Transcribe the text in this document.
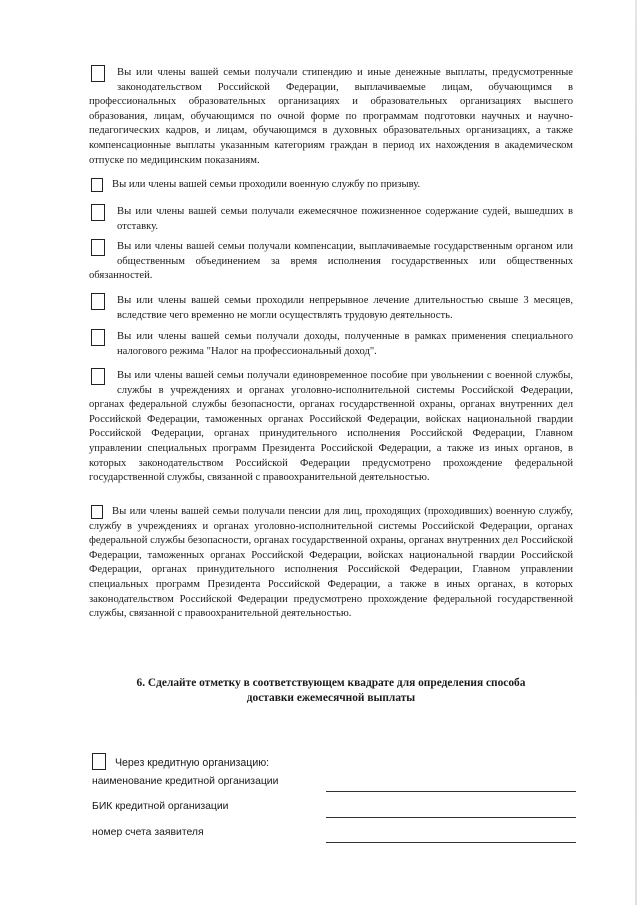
Вы или члены вашей семьи получали стипендию и иные денежные выплаты, предусмотренные законодательством Российской Федерации, выплачиваемые лицам, обучающимся в профессиональных образовательных организациях и образовательных организациях высшего образования, лицам, обучающимся по очной форме по программам подготовки научных и научно-педагогических кадров, и лицам, обучающимся в духовных образовательных организациях, а также компенсационные выплаты указанным категориям граждан в период их нахождения в академическом отпуске по медицинским показаниям.
Вы или члены вашей семьи проходили военную службу по призыву.
Вы или члены вашей семьи получали ежемесячное пожизненное содержание судей, вышедших в отставку.
Вы или члены вашей семьи получали компенсации, выплачиваемые государственным органом или общественным объединением за время исполнения государственных или общественных обязанностей.
Вы или члены вашей семьи проходили непрерывное лечение длительностью свыше 3 месяцев, вследствие чего временно не могли осуществлять трудовую деятельность.
Вы или члены вашей семьи получали доходы, полученные в рамках применения специального налогового режима "Налог на профессиональный доход".
Вы или члены вашей семьи получали единовременное пособие при увольнении с военной службы, службы в учреждениях и органах уголовно-исполнительной системы Российской Федерации, органах федеральной службы безопасности, органах государственной охраны, органах внутренних дел Российской Федерации, таможенных органах Российской Федерации, войсках национальной гвардии Российской Федерации, органах принудительного исполнения Российской Федерации, Главном управлении специальных программ Президента Российской Федерации, а также из иных органов, в которых законодательством Российской Федерации предусмотрено прохождение федеральной государственной службы, связанной с правоохранительной деятельностью.
Вы или члены вашей семьи получали пенсии для лиц, проходящих (проходивших) военную службу, службу в учреждениях и органах уголовно-исполнительной системы Российской Федерации, органах федеральной службы безопасности, органах государственной охраны, органах внутренних дел Российской Федерации, таможенных органах Российской Федерации, войсках национальной гвардии Российской Федерации, органах принудительного исполнения Российской Федерации, Главном управлении специальных программ Президента Российской Федерации, а также в иных органах, в которых законодательством Российской Федерации предусмотрено прохождение федеральной государственной службы, связанной с правоохранительной деятельностью.
6. Сделайте отметку в соответствующем квадрате для определения способа
доставки ежемесячной выплаты
Через кредитную организацию:
наименование кредитной организации
БИК кредитной организации
номер счета заявителя
